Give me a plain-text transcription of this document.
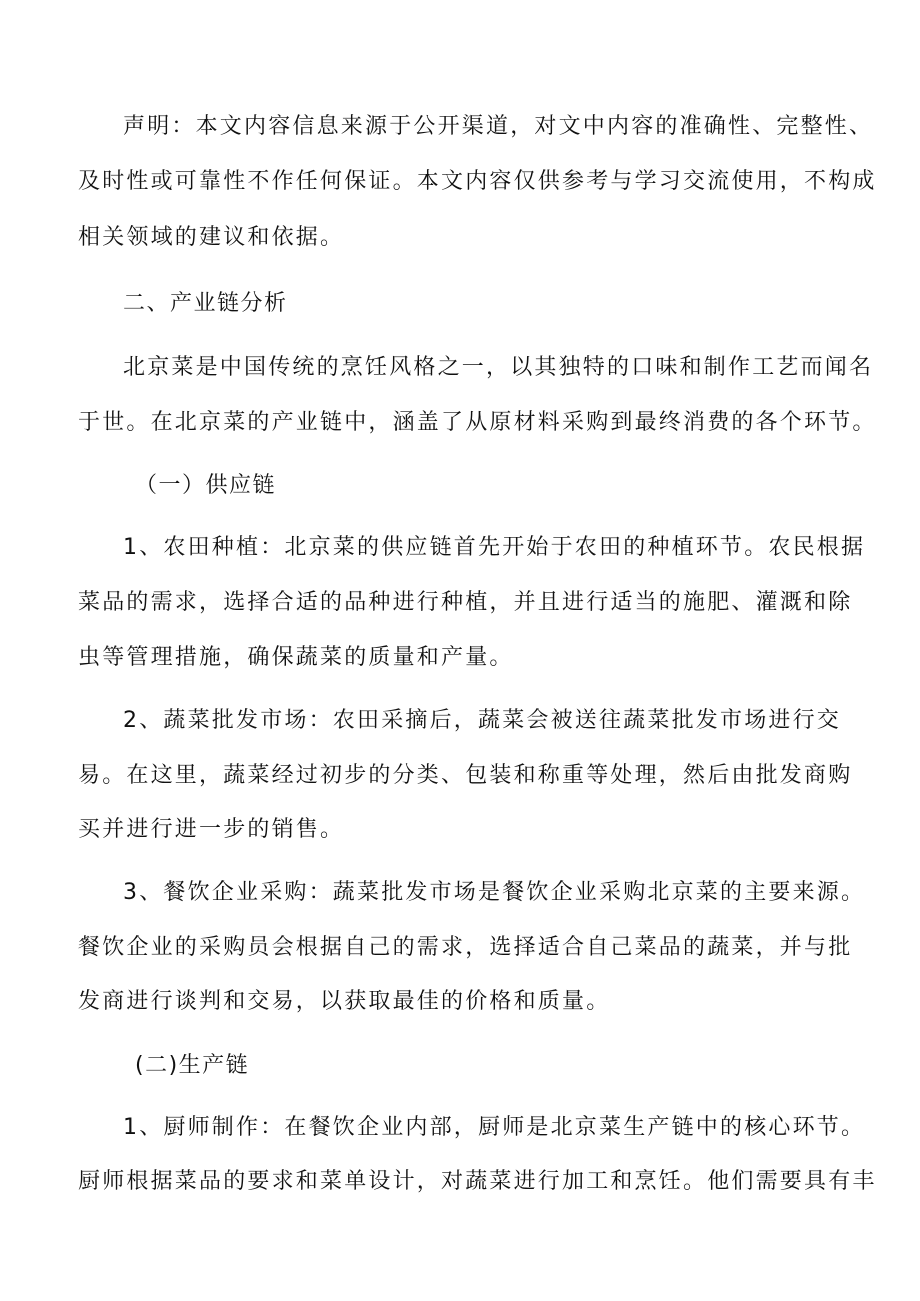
声明：本文内容信息来源于公开渠道，对文中内容的准确性、完整性、
及时性或可靠性不作任何保证。本文内容仅供参考与学习交流使用，不构成
相关领域的建议和依据。
二、产业链分析
北京菜是中国传统的烹饪风格之一，以其独特的口味和制作工艺而闻名
于世。在北京菜的产业链中，涵盖了从原材料采购到最终消费的各个环节。
（一）供应链
1、农田种植：北京菜的供应链首先开始于农田的种植环节。农民根据
菜品的需求，选择合适的品种进行种植，并且进行适当的施肥、灌溉和除
虫等管理措施，确保蔬菜的质量和产量。
2、蔬菜批发市场：农田采摘后，蔬菜会被送往蔬菜批发市场进行交
易。在这里，蔬菜经过初步的分类、包装和称重等处理，然后由批发商购
买并进行进一步的销售。
3、餐饮企业采购：蔬菜批发市场是餐饮企业采购北京菜的主要来源。
餐饮企业的采购员会根据自己的需求，选择适合自己菜品的蔬菜，并与批
发商进行谈判和交易，以获取最佳的价格和质量。
(二)生产链
1、厨师制作：在餐饮企业内部，厨师是北京菜生产链中的核心环节。
厨师根据菜品的要求和菜单设计，对蔬菜进行加工和烹饪。他们需要具有丰
